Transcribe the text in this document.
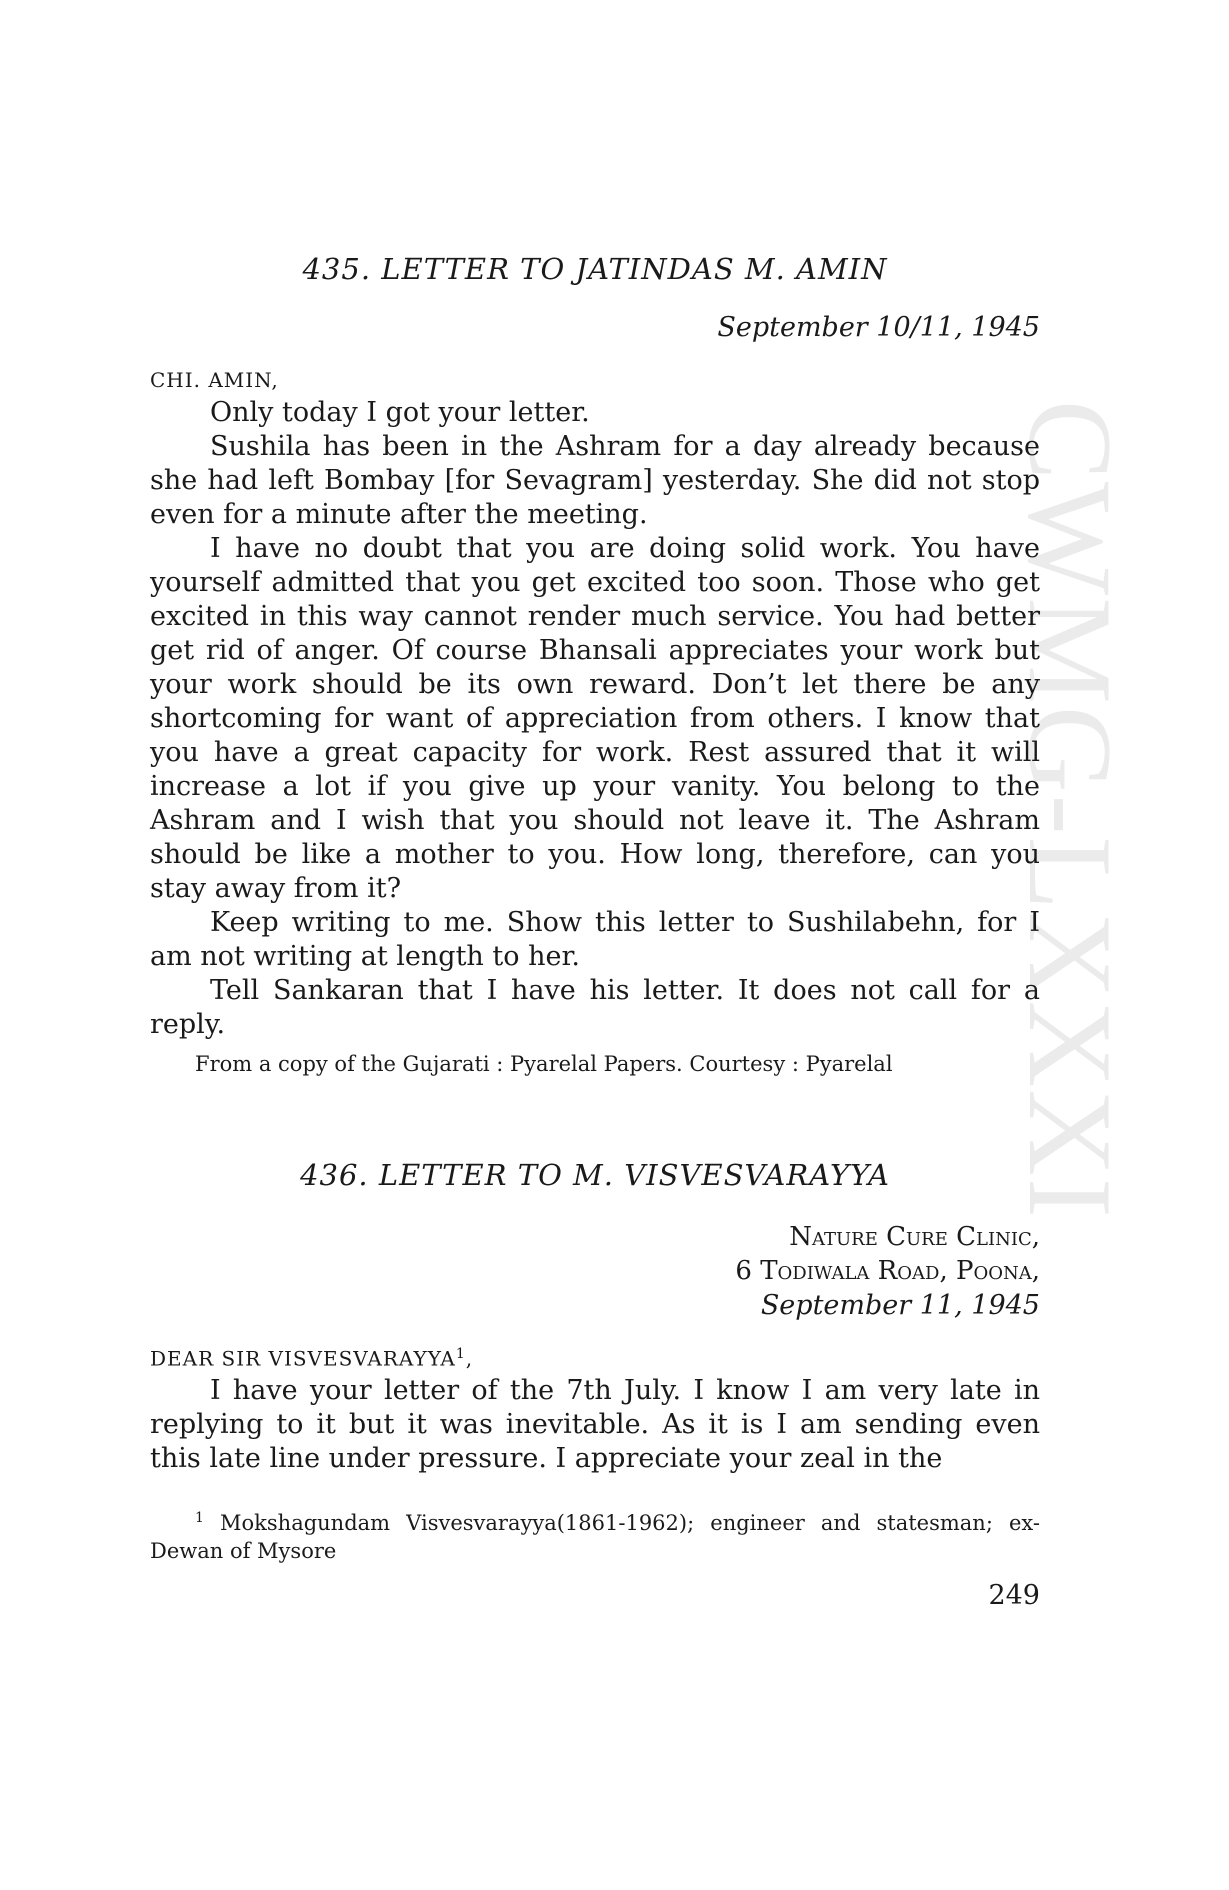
CWMG-LXXXI
435. LETTER TO JATINDAS M. AMIN
September 10/11, 1945
CHI. AMIN,

Only today I got your letter.

Sushila has been in the Ashram for a day already because she had left Bombay [for Sevagram] yesterday. She did not stop even for a minute after the meeting.

I have no doubt that you are doing solid work. You have yourself admitted that you get excited too soon. Those who get excited in this way cannot render much service. You had better get rid of anger. Of course Bhansali appreciates your work but your work should be its own reward. Don’t let there be any shortcoming for want of appreciation from others. I know that you have a great capacity for work. Rest assured that it will increase a lot if you give up your vanity. You belong to the Ashram and I wish that you should not leave it. The Ashram should be like a mother to you. How long, therefore, can you stay away from it?

Keep writing to me. Show this letter to Sushilabehn, for I am not writing at length to her.

Tell Sankaran that I have his letter. It does not call for a reply.

From a copy of the Gujarati : Pyarelal Papers. Courtesy : Pyarelal
436. LETTER TO M. VISVESVARAYYA
Nature Cure Clinic,
6 Todiwala Road, Poona,
September 11, 1945
DEAR SIR VISVESVARAYYA$^1$,

I have your letter of the 7th July. I know I am very late in replying to it but it was inevitable. As it is I am sending even this late line under pressure. I appreciate your zeal in the

$^1$ Mokshagundam Visvesvarayya(1861-1962); engineer and statesman; ex-Dewan of Mysore

249
